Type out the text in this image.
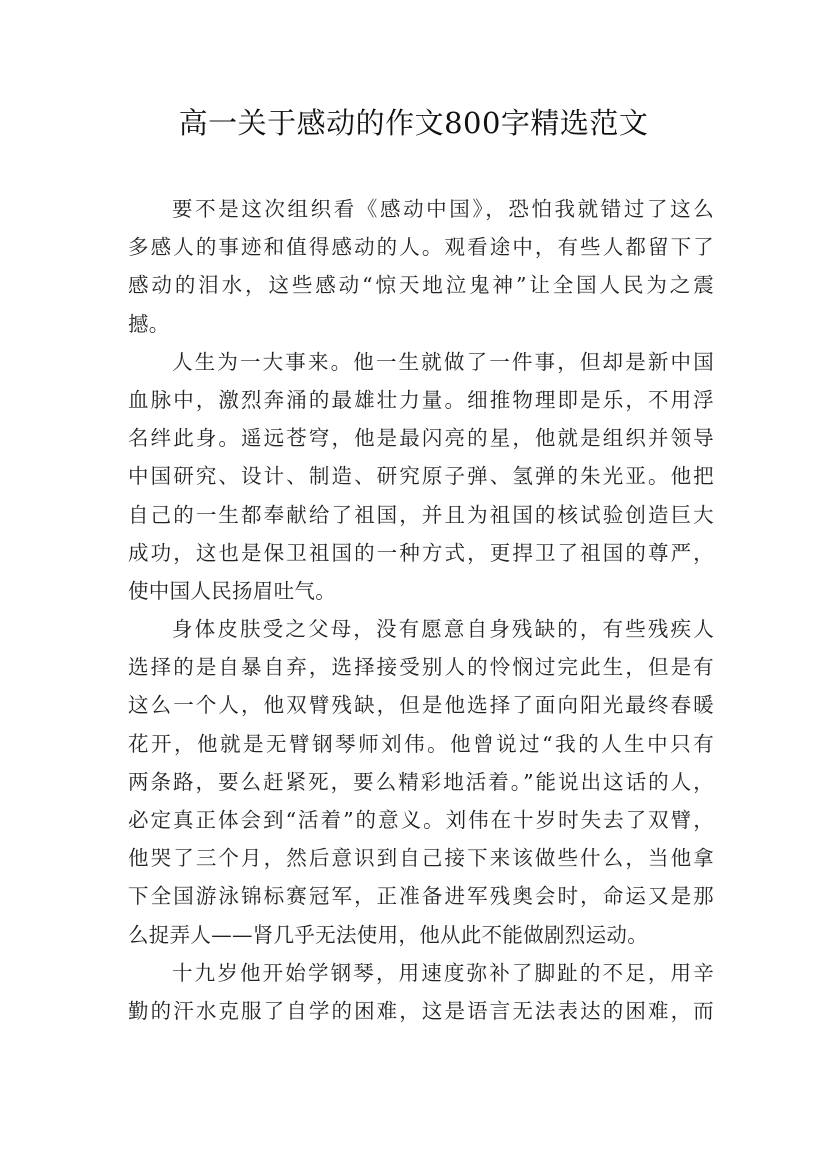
高一关于感动的作文800字精选范文
要不是这次组织看《感动中国》，恐怕我就错过了这么
多感人的事迹和值得感动的人。观看途中，有些人都留下了
感动的泪水，这些感动“惊天地泣鬼神”让全国人民为之震
撼。
人生为一大事来。他一生就做了一件事，但却是新中国
血脉中，激烈奔涌的最雄壮力量。细推物理即是乐，不用浮
名绊此身。遥远苍穹，他是最闪亮的星，他就是组织并领导
中国研究、设计、制造、研究原子弹、氢弹的朱光亚。他把
自己的一生都奉献给了祖国，并且为祖国的核试验创造巨大
成功，这也是保卫祖国的一种方式，更捍卫了祖国的尊严，
使中国人民扬眉吐气。
身体皮肤受之父母，没有愿意自身残缺的，有些残疾人
选择的是自暴自弃，选择接受别人的怜悯过完此生，但是有
这么一个人，他双臂残缺，但是他选择了面向阳光最终春暖
花开，他就是无臂钢琴师刘伟。他曾说过“我的人生中只有
两条路，要么赶紧死，要么精彩地活着。”能说出这话的人，
必定真正体会到“活着”的意义。刘伟在十岁时失去了双臂，
他哭了三个月，然后意识到自己接下来该做些什么，当他拿
下全国游泳锦标赛冠军，正准备进军残奥会时，命运又是那
么捉弄人——肾几乎无法使用，他从此不能做剧烈运动。
十九岁他开始学钢琴，用速度弥补了脚趾的不足，用辛
勤的汗水克服了自学的困难，这是语言无法表达的困难，而
